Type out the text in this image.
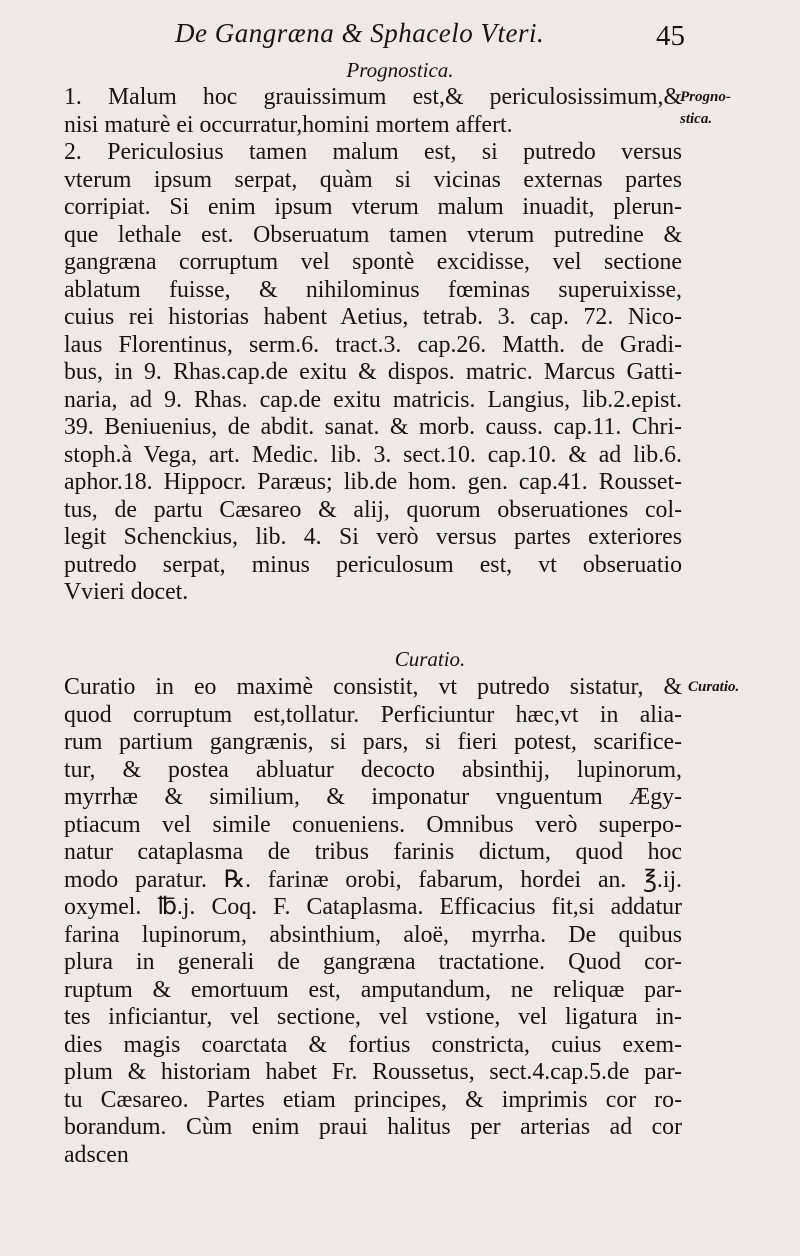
De Gangræna & Sphacelo Vteri.	45
Prognostica.
Progno-
stica.
1. Malum hoc grauissimum est,& periculosissimum,&
nisi maturè ei occurratur,homini mortem affert.
2. Periculosius tamen malum est, si putredo versus
vterum ipsum serpat, quàm si vicinas externas partes
corripiat. Si enim ipsum vterum malum inuadit, plerun-
que lethale est. Obseruatum tamen vterum putredine &
gangræna corruptum vel spontè excidisse, vel sectione
ablatum fuisse, & nihilominus fœminas superuixisse,
cuius rei historias habent Aetius, tetrab. 3. cap. 72. Nico-
laus Florentinus, serm.6. tract.3. cap.26. Matth. de Gradi-
bus, in 9. Rhas.cap.de exitu & dispos. matric. Marcus Gatti-
naria, ad 9. Rhas. cap.de exitu matricis. Langius, lib.2.epist.
39. Beniuenius, de abdit. sanat. & morb. causs. cap.11. Chri-
stoph.à Vega, art. Medic. lib. 3. sect.10. cap.10. & ad lib.6.
aphor.18. Hippocr. Paræus; lib.de hom. gen. cap.41. Rousset-
tus, de partu Cæsareo & alij, quorum obseruationes col-
legit Schenckius, lib. 4. Si verò versus partes exteriores
putredo serpat, minus periculosum est, vt obseruatio
Vvieri docet.
Curatio.
Curatio.
Curatio in eo maximè consistit, vt putredo sistatur, &
quod corruptum est,tollatur. Perficiuntur hæc,vt in alia-
rum partium gangrænis, si pars, si fieri potest, scarifice-
tur, & postea abluatur decocto absinthij, lupinorum,
myrrhæ & similium, & imponatur vnguentum Ægy-
ptiacum vel simile conueniens. Omnibus verò superpo-
natur cataplasma de tribus farinis dictum, quod hoc
modo paratur. ℞. farinæ orobi, fabarum, hordei an. ℥.ij.
oxymel. ℔.j. Coq. F. Cataplasma. Efficacius fit,si addatur
farina lupinorum, absinthium, aloë, myrrha. De quibus
plura in generali de gangræna tractatione. Quod cor-
ruptum & emortuum est, amputandum, ne reliquæ par-
tes inficiantur, vel sectione, vel vstione, vel ligatura in-
dies magis coarctata & fortius constricta, cuius exem-
plum & historiam habet Fr. Roussetus, sect.4.cap.5.de par-
tu Cæsareo. Partes etiam principes, & imprimis cor ro-
borandum. Cùm enim praui halitus per arterias ad cor
adscen
